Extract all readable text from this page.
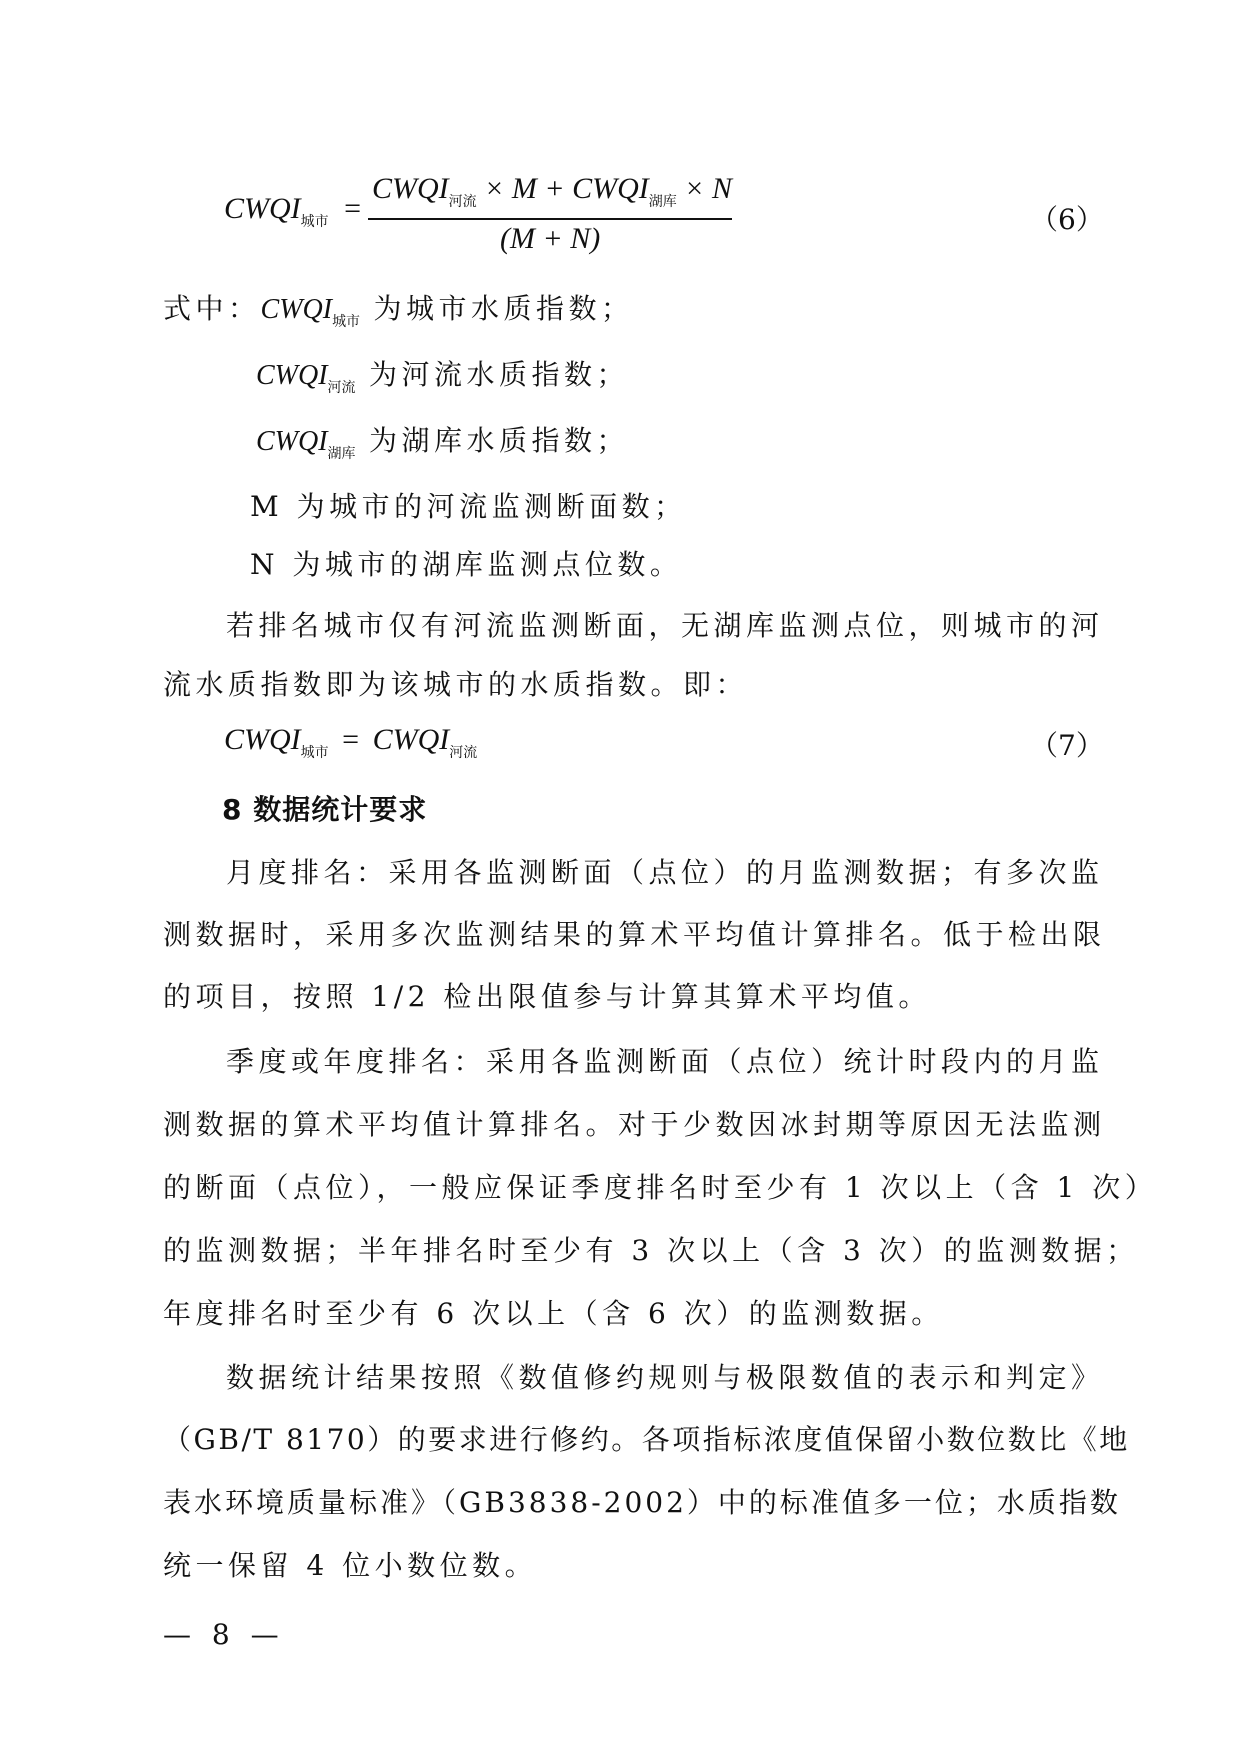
$CWQI_{城市}$ =
$CWQI_{河流} \times M$ + $CWQI_{湖库} \times N$
(M + N)
（6）
式中：$CWQI_{城市}$ 为城市水质指数；
$CWQI_{河流}$ 为河流水质指数；
$CWQI_{湖库}$ 为湖库水质指数；
M 为城市的河流监测断面数；
N 为城市的湖库监测点位数。
若排名城市仅有河流监测断面，无湖库监测点位，则城市的河
流水质指数即为该城市的水质指数。即：
$CWQI_{城市}$ = $CWQI_{河流}$	（7）
8 数据统计要求
月度排名：采用各监测断面（点位）的月监测数据；有多次监
测数据时，采用多次监测结果的算术平均值计算排名。低于检出限
的项目，按照 1/2 检出限值参与计算其算术平均值。
季度或年度排名：采用各监测断面（点位）统计时段内的月监
测数据的算术平均值计算排名。对于少数因冰封期等原因无法监测
的断面（点位），一般应保证季度排名时至少有 1 次以上（含 1 次）
的监测数据；半年排名时至少有 3 次以上（含 3 次）的监测数据；
年度排名时至少有 6 次以上（含 6 次）的监测数据。
数据统计结果按照《数值修约规则与极限数值的表示和判定》
（GB/T 8170）的要求进行修约。各项指标浓度值保留小数位数比《地
表水环境质量标准》（GB3838-2002）中的标准值多一位；水质指数
统一保留 4 位小数位数。
— 8 —
